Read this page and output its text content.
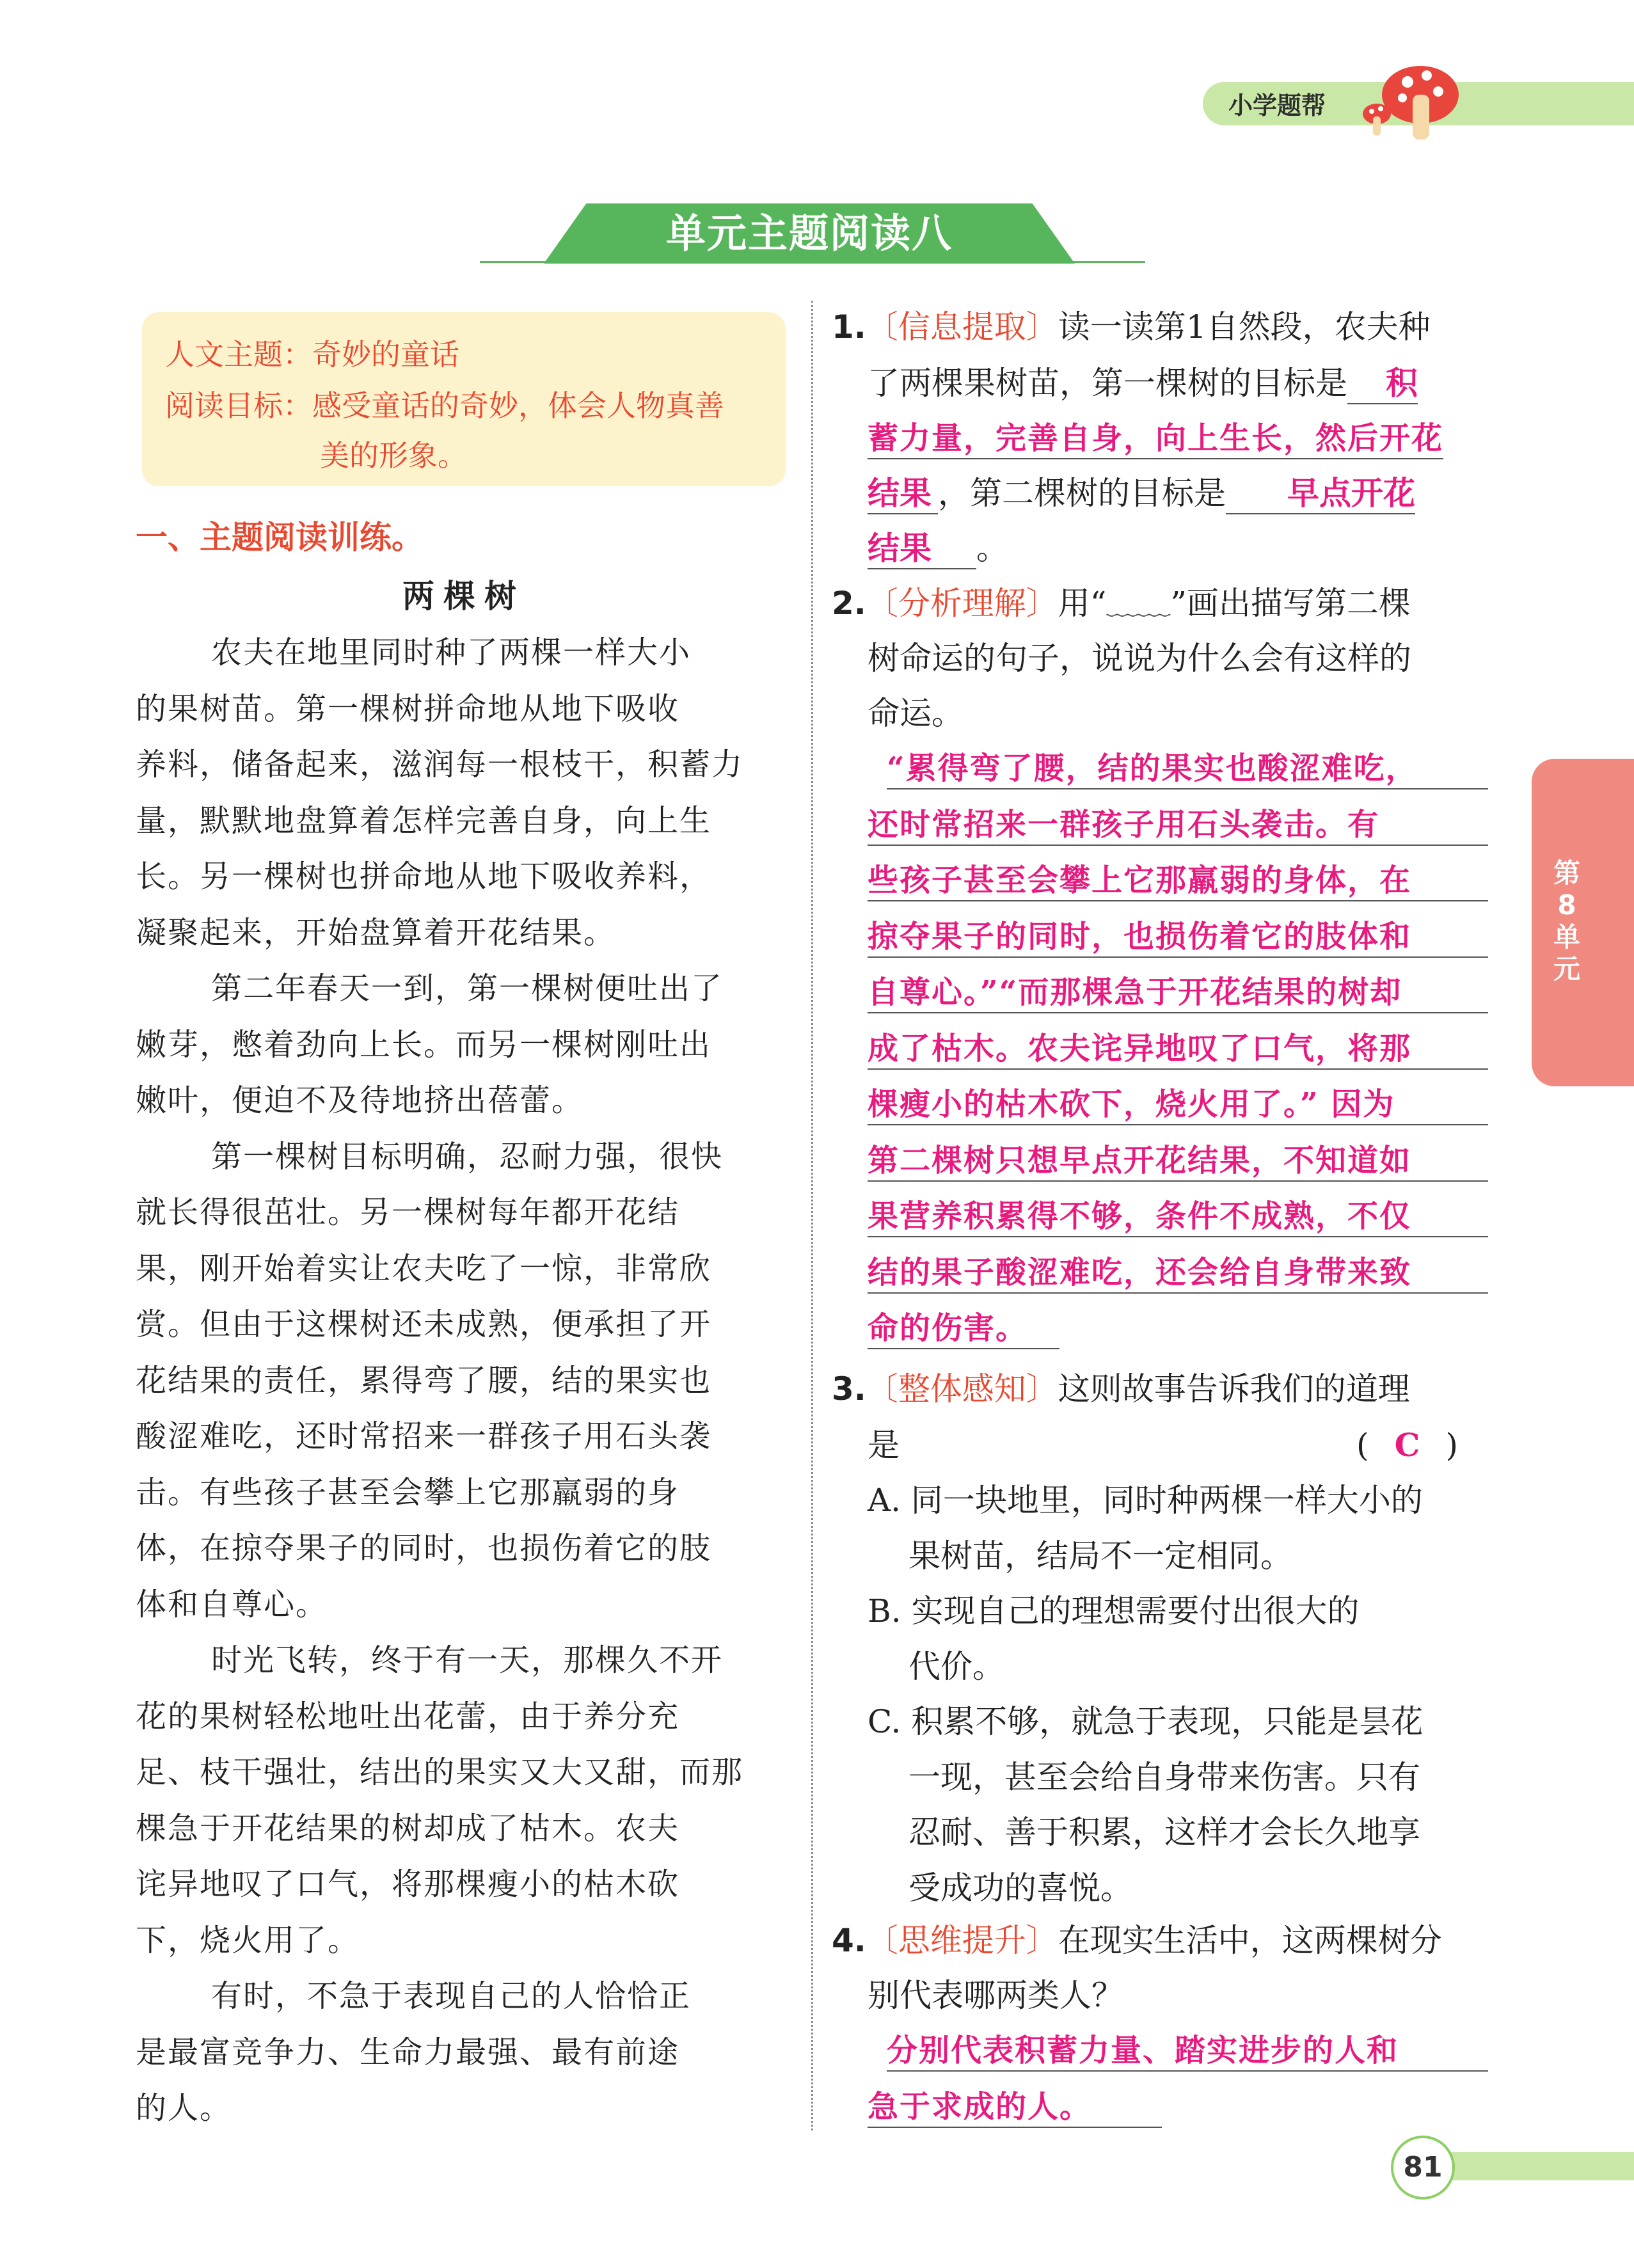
小学题帮
单元主题阅读八
人文主题：奇妙的童话
阅读目标：感受童话的奇妙，体会人物真善
美的形象。
一、主题阅读训练。
两棵树
农夫在地里同时种了两棵一样大小
的果树苗。第一棵树拼命地从地下吸收
养料，储备起来，滋润每一根枝干，积蓄力
量，默默地盘算着怎样完善自身，向上生
长。另一棵树也拼命地从地下吸收养料，
凝聚起来，开始盘算着开花结果。
第二年春天一到，第一棵树便吐出了
嫩芽，憋着劲向上长。而另一棵树刚吐出
嫩叶，便迫不及待地挤出蓓蕾。
第一棵树目标明确，忍耐力强，很快
就长得很茁壮。另一棵树每年都开花结
果，刚开始着实让农夫吃了一惊，非常欣
赏。但由于这棵树还未成熟，便承担了开
花结果的责任，累得弯了腰，结的果实也
酸涩难吃，还时常招来一群孩子用石头袭
击。有些孩子甚至会攀上它那羸弱的身
体，在掠夺果子的同时，也损伤着它的肢
体和自尊心。
时光飞转，终于有一天，那棵久不开
花的果树轻松地吐出花蕾，由于养分充
足、枝干强壮，结出的果实又大又甜，而那
棵急于开花结果的树却成了枯木。农夫
诧异地叹了口气，将那棵瘦小的枯木砍
下，烧火用了。
有时，不急于表现自己的人恰恰正
是最富竞争力、生命力最强、最有前途
的人。
1.〔信息提取〕读一读第1自然段，农夫种
了两棵果树苗，第一棵树的目标是 积
蓄力量，完善自身，向上生长，然后开花
结果 ，第二棵树的目标是 早点开花
结果 。
2.〔分析理解〕用“﹏﹏”画出描写第二棵
树命运的句子，说说为什么会有这样的
命运。
“累得弯了腰，结的果实也酸涩难吃，
还时常招来一群孩子用石头袭击。有
些孩子甚至会攀上它那羸弱的身体，在
掠夺果子的同时，也损伤着它的肢体和
自尊心。”“而那棵急于开花结果的树却
成了枯木。农夫诧异地叹了口气，将那
棵瘦小的枯木砍下，烧火用了。” 因为
第二棵树只想早点开花结果，不知道如
果营养积累得不够，条件不成熟，不仅
结的果子酸涩难吃，还会给自身带来致
命的伤害。
3.〔整体感知〕这则故事告诉我们的道理
是	( C )
A. 同一块地里，同时种两棵一样大小的
果树苗，结局不一定相同。
B. 实现自己的理想需要付出很大的
代价。
C. 积累不够，就急于表现，只能是昙花
一现，甚至会给自身带来伤害。只有
忍耐、善于积累，这样才会长久地享
受成功的喜悦。
4.〔思维提升〕在现实生活中，这两棵树分
别代表哪两类人？
分别代表积蓄力量、踏实进步的人和
急于求成的人。
第
8
单
元
81
